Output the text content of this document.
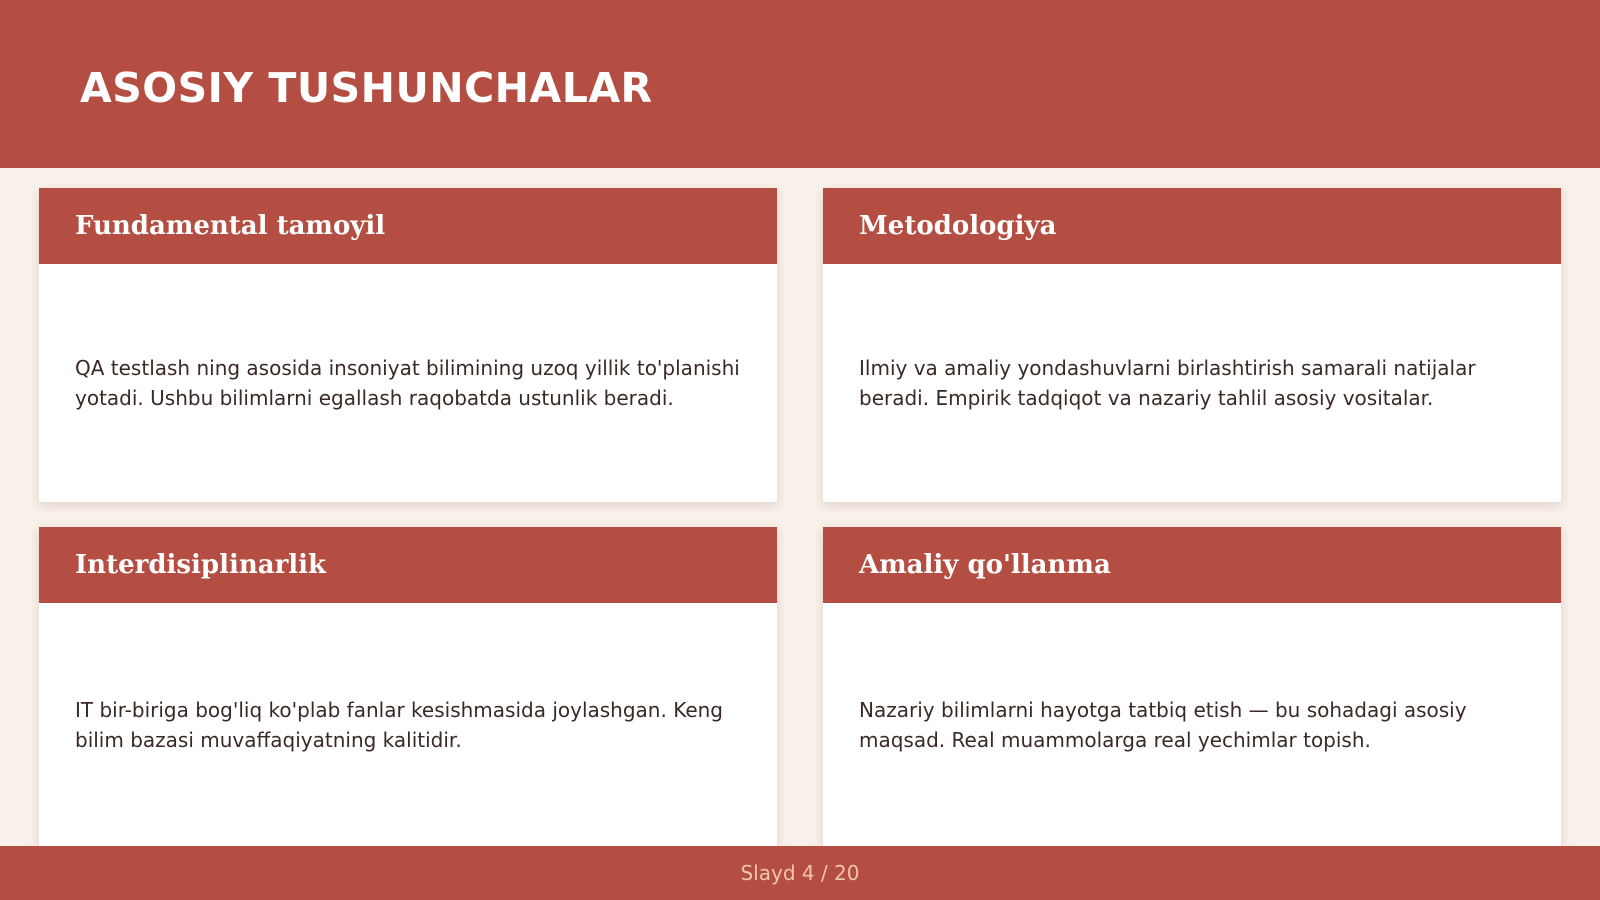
ASOSIY TUSHUNCHALAR
Fundamental tamoyil
QA testlash ning asosida insoniyat bilimining uzoq yillik to'planishi yotadi. Ushbu bilimlarni egallash raqobatda ustunlik beradi.
Metodologiya
Ilmiy va amaliy yondashuvlarni birlashtirish samarali natijalar beradi. Empirik tadqiqot va nazariy tahlil asosiy vositalar.
Interdisiplinarlik
IT bir-biriga bog'liq ko'plab fanlar kesishmasida joylashgan. Keng bilim bazasi muvaffaqiyatning kalitidir.
Amaliy qo'llanma
Nazariy bilimlarni hayotga tatbiq etish — bu sohadagi asosiy maqsad. Real muammolarga real yechimlar topish.
Slayd 4 / 20
